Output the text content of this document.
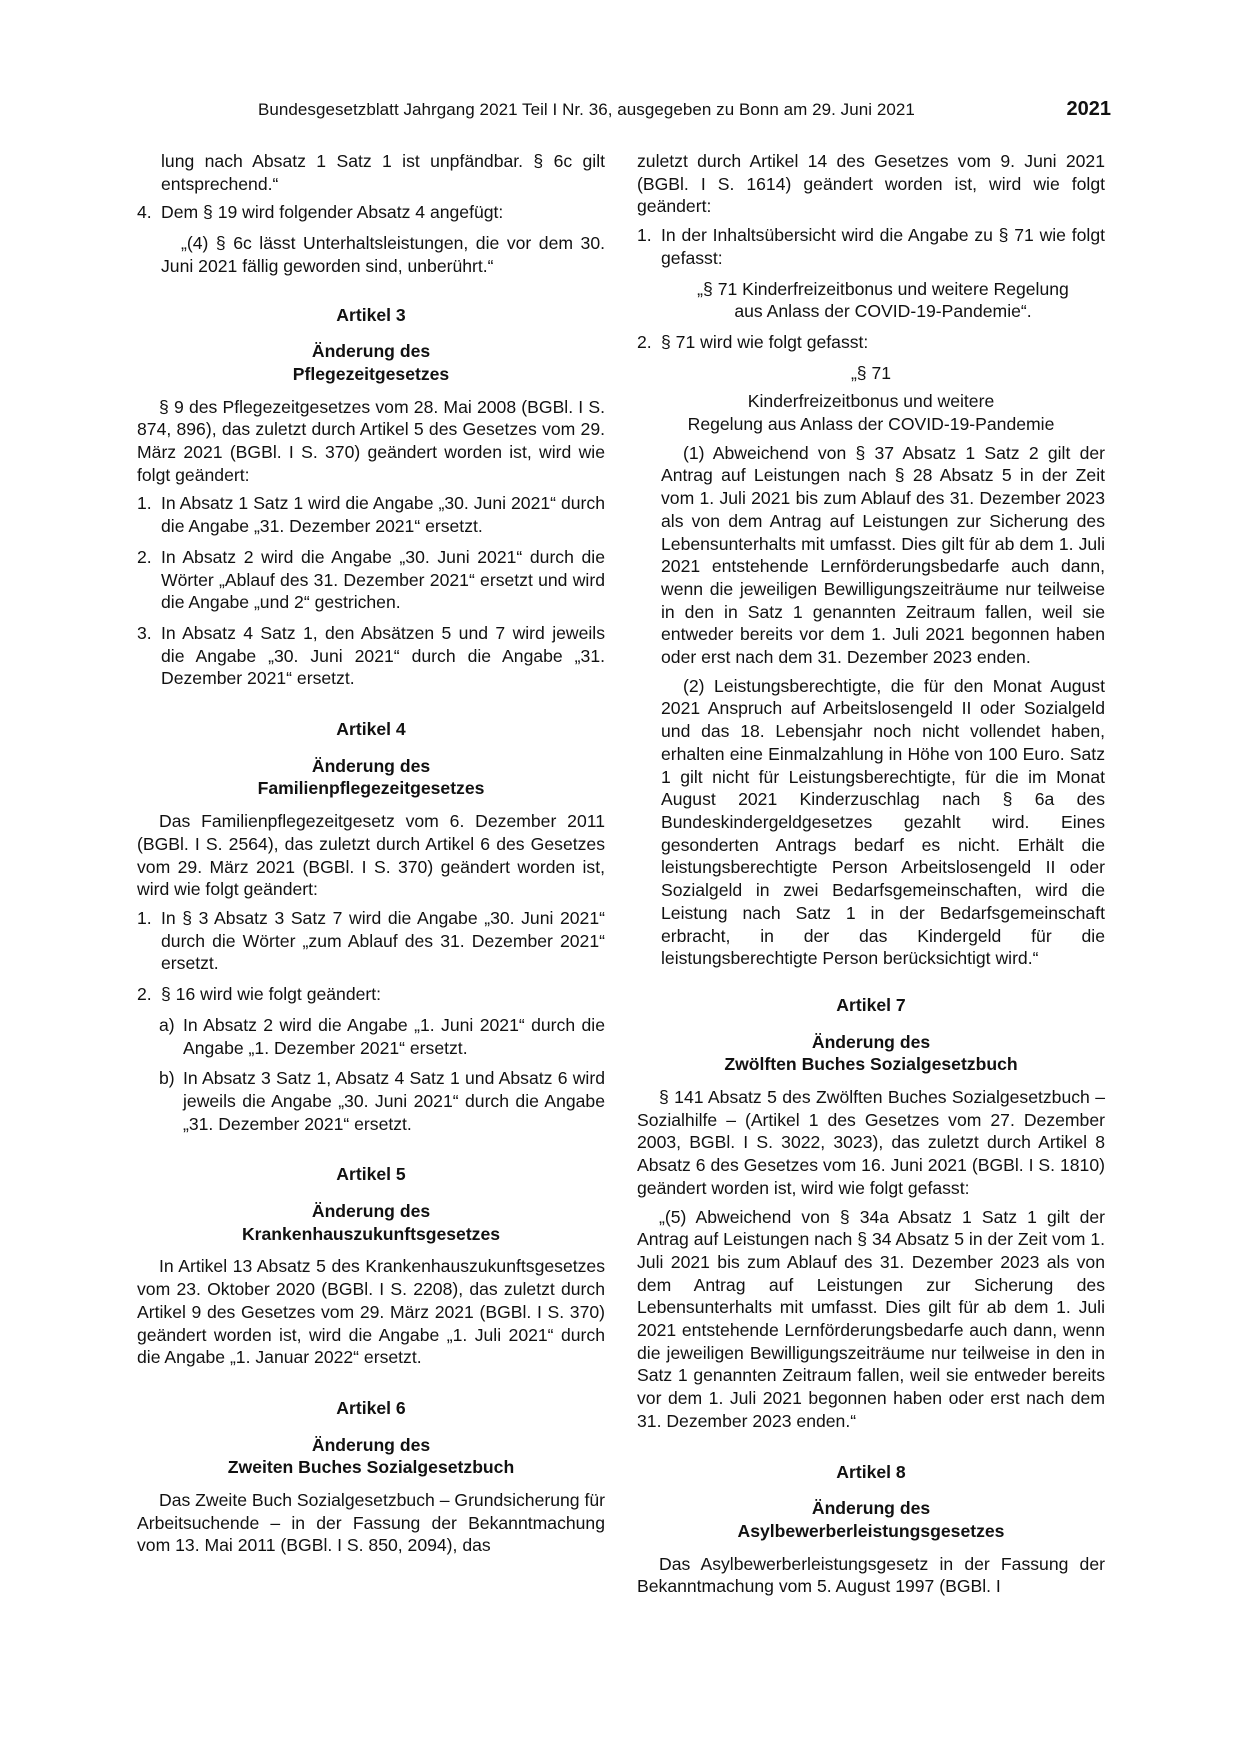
Bundesgesetzblatt Jahrgang 2021 Teil I Nr. 36, ausgegeben zu Bonn am 29. Juni 2021	2021

lung nach Absatz 1 Satz 1 ist unpfändbar. § 6c gilt entsprechend.“

4. Dem § 19 wird folgender Absatz 4 angefügt:

„(4) § 6c lässt Unterhaltsleistungen, die vor dem 30. Juni 2021 fällig geworden sind, unberührt.“

Artikel 3
Änderung des
Pflegezeitgesetzes

§ 9 des Pflegezeitgesetzes vom 28. Mai 2008 (BGBl. I S. 874, 896), das zuletzt durch Artikel 5 des Gesetzes vom 29. März 2021 (BGBl. I S. 370) geändert worden ist, wird wie folgt geändert:

1. In Absatz 1 Satz 1 wird die Angabe „30. Juni 2021“ durch die Angabe „31. Dezember 2021“ ersetzt.
2. In Absatz 2 wird die Angabe „30. Juni 2021“ durch die Wörter „Ablauf des 31. Dezember 2021“ ersetzt und wird die Angabe „und 2“ gestrichen.
3. In Absatz 4 Satz 1, den Absätzen 5 und 7 wird jeweils die Angabe „30. Juni 2021“ durch die Angabe „31. Dezember 2021“ ersetzt.
Artikel 4
Änderung des
Familienpflegezeitgesetzes

Das Familienpflegezeitgesetz vom 6. Dezember 2011 (BGBl. I S. 2564), das zuletzt durch Artikel 6 des Gesetzes vom 29. März 2021 (BGBl. I S. 370) geändert worden ist, wird wie folgt geändert:

1. In § 3 Absatz 3 Satz 7 wird die Angabe „30. Juni 2021“ durch die Wörter „zum Ablauf des 31. Dezember 2021“ ersetzt.
2. § 16 wird wie folgt geändert:
a) In Absatz 2 wird die Angabe „1. Juni 2021“ durch die Angabe „1. Dezember 2021“ ersetzt.
b) In Absatz 3 Satz 1, Absatz 4 Satz 1 und Absatz 6 wird jeweils die Angabe „30. Juni 2021“ durch die Angabe „31. Dezember 2021“ ersetzt.
Artikel 5
Änderung des
Krankenhauszukunftsgesetzes

In Artikel 13 Absatz 5 des Krankenhauszukunftsgesetzes vom 23. Oktober 2020 (BGBl. I S. 2208), das zuletzt durch Artikel 9 des Gesetzes vom 29. März 2021 (BGBl. I S. 370) geändert worden ist, wird die Angabe „1. Juli 2021“ durch die Angabe „1. Januar 2022“ ersetzt.

Artikel 6
Änderung des
Zweiten Buches Sozialgesetzbuch

Das Zweite Buch Sozialgesetzbuch – Grundsicherung für Arbeitsuchende – in der Fassung der Bekanntmachung vom 13. Mai 2011 (BGBl. I S. 850, 2094), das

zuletzt durch Artikel 14 des Gesetzes vom 9. Juni 2021 (BGBl. I S. 1614) geändert worden ist, wird wie folgt geändert:

1. In der Inhaltsübersicht wird die Angabe zu § 71 wie folgt gefasst:
„§ 71 Kinderfreizeitbonus und weitere Regelung
aus Anlass der COVID-19-Pandemie“.
2. § 71 wird wie folgt gefasst:
„§ 71
Kinderfreizeitbonus und weitere
Regelung aus Anlass der COVID-19-Pandemie

(1) Abweichend von § 37 Absatz 1 Satz 2 gilt der Antrag auf Leistungen nach § 28 Absatz 5 in der Zeit vom 1. Juli 2021 bis zum Ablauf des 31. Dezember 2023 als von dem Antrag auf Leistungen zur Sicherung des Lebensunterhalts mit umfasst. Dies gilt für ab dem 1. Juli 2021 entstehende Lernförderungsbedarfe auch dann, wenn die jeweiligen Bewilligungszeiträume nur teilweise in den in Satz 1 genannten Zeitraum fallen, weil sie entweder bereits vor dem 1. Juli 2021 begonnen haben oder erst nach dem 31. Dezember 2023 enden.

(2) Leistungsberechtigte, die für den Monat August 2021 Anspruch auf Arbeitslosengeld II oder Sozialgeld und das 18. Lebensjahr noch nicht vollendet haben, erhalten eine Einmalzahlung in Höhe von 100 Euro. Satz 1 gilt nicht für Leistungsberechtigte, für die im Monat August 2021 Kinderzuschlag nach § 6a des Bundeskindergeldgesetzes gezahlt wird. Eines gesonderten Antrags bedarf es nicht. Erhält die leistungsberechtigte Person Arbeitslosengeld II oder Sozialgeld in zwei Bedarfsgemeinschaften, wird die Leistung nach Satz 1 in der Bedarfsgemeinschaft erbracht, in der das Kindergeld für die leistungsberechtigte Person berücksichtigt wird.“

Artikel 7
Änderung des
Zwölften Buches Sozialgesetzbuch

§ 141 Absatz 5 des Zwölften Buches Sozialgesetzbuch – Sozialhilfe – (Artikel 1 des Gesetzes vom 27. Dezember 2003, BGBl. I S. 3022, 3023), das zuletzt durch Artikel 8 Absatz 6 des Gesetzes vom 16. Juni 2021 (BGBl. I S. 1810) geändert worden ist, wird wie folgt gefasst:

„(5) Abweichend von § 34a Absatz 1 Satz 1 gilt der Antrag auf Leistungen nach § 34 Absatz 5 in der Zeit vom 1. Juli 2021 bis zum Ablauf des 31. Dezember 2023 als von dem Antrag auf Leistungen zur Sicherung des Lebensunterhalts mit umfasst. Dies gilt für ab dem 1. Juli 2021 entstehende Lernförderungsbedarfe auch dann, wenn die jeweiligen Bewilligungszeiträume nur teilweise in den in Satz 1 genannten Zeitraum fallen, weil sie entweder bereits vor dem 1. Juli 2021 begonnen haben oder erst nach dem 31. Dezember 2023 enden.“

Artikel 8
Änderung des
Asylbewerberleistungsgesetzes

Das Asylbewerberleistungsgesetz in der Fassung der Bekanntmachung vom 5. August 1997 (BGBl. I
